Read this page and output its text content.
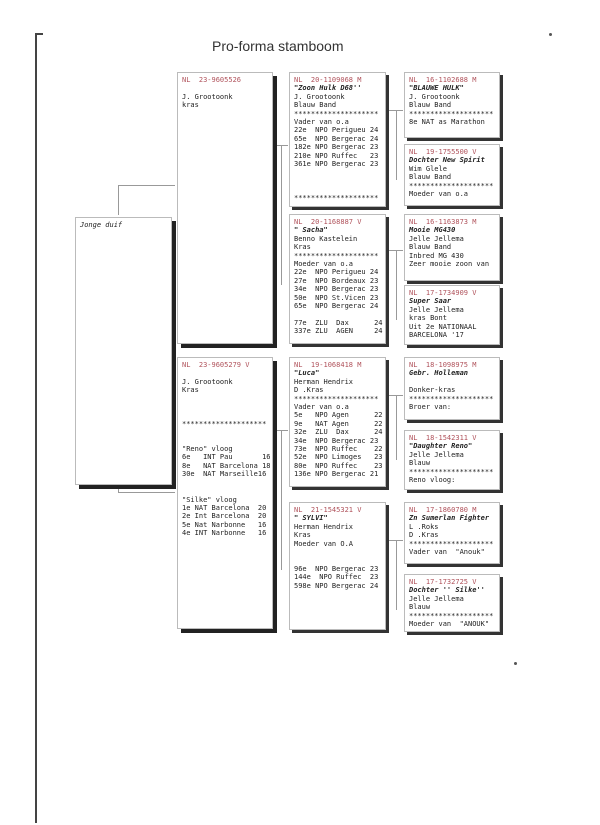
Pro-forma stamboom
Jonge duif
NL  23-9605526

J. Grootoonk
kras
NL  23-9605279 V

J. Grootoonk
Kras

********************

"Reno" vloog
6e   INT Pau       16
8e   NAT Barcelona 18
30e  NAT Marseille16

"Silke" vloog
1e NAT Barcelona  20
2e Int Barcelona  20
5e Nat Narbonne   16
4e INT Narbonne   16
NL  20-1109068 M
"Zoon Hulk D68''
J. Grootoonk
Blauw Band
********************
Vader van o.a
22e  NPO Perigueu 24
65e  NPO Bergerac 24
182e NPO Bergerac 23
210e NPO Ruffec   23
361e NPO Bergerac 23

********************
NL  20-1168887 V
" Sacha"
Benno Kastelein
Kras
********************
Moeder van o.a
22e  NPO Perigueu 24
27e  NPO Bordeaux 23
34e  NPO Bergerac 23
50e  NPO St.Vicen 23
65e  NPO Bergerac 24

77e  ZLU  Dax      24
337e ZLU  AGEN     24
NL  19-1068418 M
"Luca"
Herman Hendrix
D .Kras
********************
Vader van o.a
5e   NPO Agen      22
9e   NAT Agen      22
32e  ZLU  Dax      24
34e  NPO Bergerac 23
73e  NPO Ruffec    22
52e  NPO Limoges   23
80e  NPO Ruffec    23
136e NPO Bergerac 21
NL  21-1545321 V
" SYLVI"
Herman Hendrix
Kras
Moeder van O.A

96e  NPO Bergerac 23
144e  NPO Ruffec  23
598e NPO Bergerac 24
NL  16-1102688 M
"BLAUWE HULK"
J. Grootoonk
Blauw Band
********************
8e NAT as Marathon
NL  19-1755500 V
Dochter New Spirit
Wim Glele
Blauw Band
********************
Moeder van o.a
NL  16-1163873 M
Mooie MG430
Jelle Jellema
Blauw Band
Inbred MG 430
Zeer mooie zoon van
NL  17-1734909 V
Super Saar
Jelle Jellema
kras Bont
Uit 2e NATIONAAL
BARCELONA '17
NL  18-1098975 M
Gebr. Holleman

Donker-kras
********************
Broer van:
NL  18-1542311 V
"Daughter Reno"
Jelle Jellema
Blauw
********************
Reno vloog:
NL  17-1860780 M
Zn Sumerlan Fighter
L .Roks
D .Kras
********************
Vader van  "Anouk"
NL  17-1732725 V
Dochter '' Silke''
Jelle Jellema
Blauw
********************
Moeder van  "ANOUK"
